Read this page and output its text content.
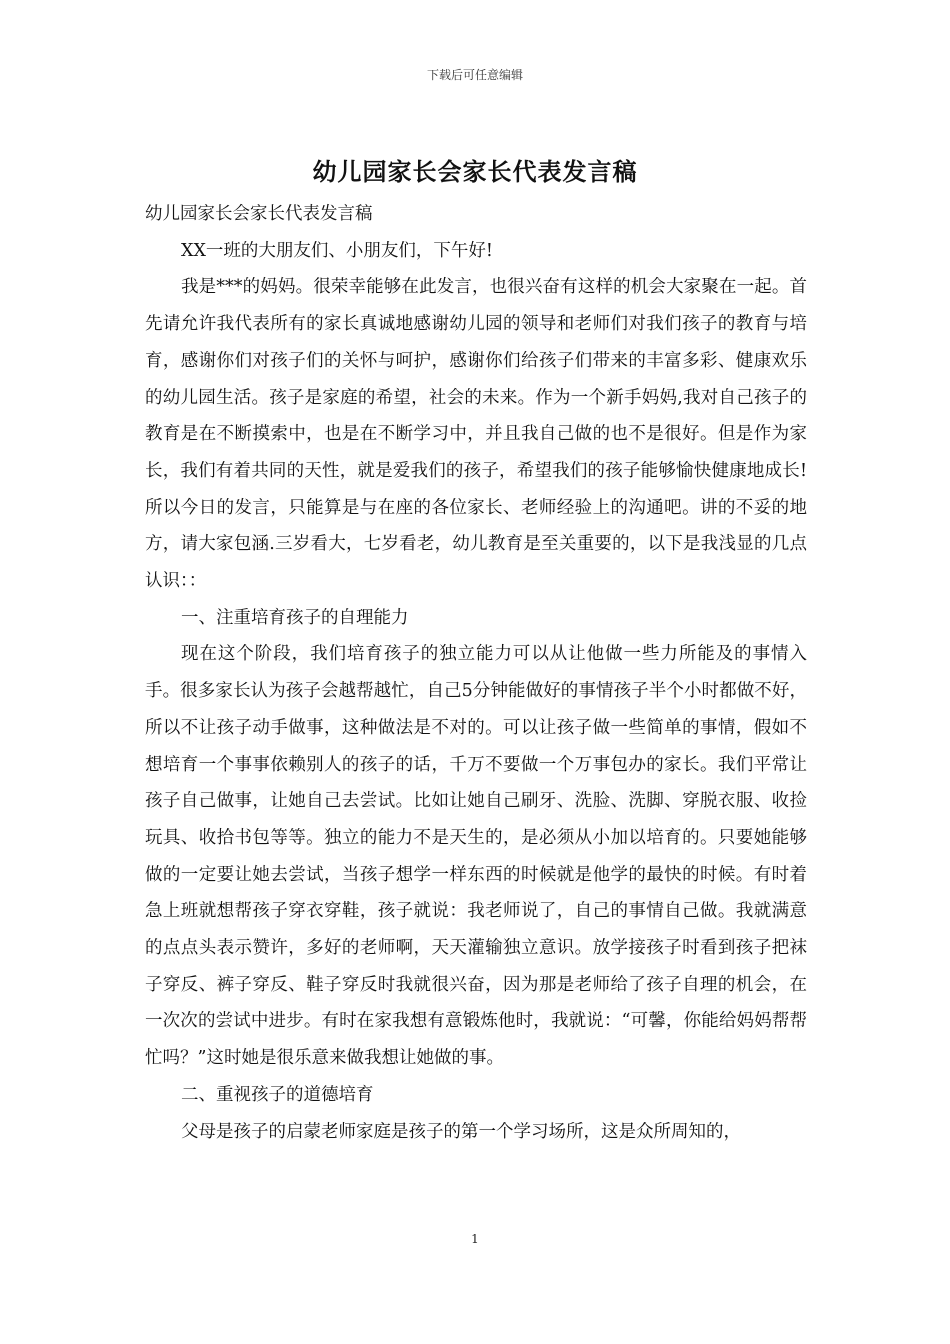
下载后可任意编辑
幼儿园家长会家长代表发言稿

幼儿园家长会家长代表发言稿

XX一班的大朋友们、小朋友们，下午好!

我是***的妈妈。很荣幸能够在此发言，也很兴奋有这样的机会大家聚在一起。首先请允许我代表所有的家长真诚地感谢幼儿园的领导和老师们对我们孩子的教育与培育，感谢你们对孩子们的关怀与呵护，感谢你们给孩子们带来的丰富多彩、健康欢乐的幼儿园生活。孩子是家庭的希望，社会的未来。作为一个新手妈妈,我对自己孩子的教育是在不断摸索中，也是在不断学习中，并且我自己做的也不是很好。但是作为家长，我们有着共同的天性，就是爱我们的孩子，希望我们的孩子能够愉快健康地成长!所以今日的发言，只能算是与在座的各位家长、老师经验上的沟通吧。讲的不妥的地方，请大家包涵.三岁看大，七岁看老，幼儿教育是至关重要的，以下是我浅显的几点认识：：

一、注重培育孩子的自理能力

现在这个阶段，我们培育孩子的独立能力可以从让他做一些力所能及的事情入手。很多家长认为孩子会越帮越忙，自己5分钟能做好的事情孩子半个小时都做不好，所以不让孩子动手做事，这种做法是不对的。可以让孩子做一些简单的事情，假如不想培育一个事事依赖别人的孩子的话，千万不要做一个万事包办的家长。我们平常让孩子自己做事，让她自己去尝试。比如让她自己刷牙、洗脸、洗脚、穿脱衣服、收捡玩具、收拾书包等等。独立的能力不是天生的，是必须从小加以培育的。只要她能够做的一定要让她去尝试，当孩子想学一样东西的时候就是他学的最快的时候。有时着急上班就想帮孩子穿衣穿鞋，孩子就说：我老师说了，自己的事情自己做。我就满意的点点头表示赞许，多好的老师啊，天天灌输独立意识。放学接孩子时看到孩子把袜子穿反、裤子穿反、鞋子穿反时我就很兴奋，因为那是老师给了孩子自理的机会，在一次次的尝试中进步。有时在家我想有意锻炼他时，我就说：“可馨，你能给妈妈帮帮忙吗？”这时她是很乐意来做我想让她做的事。

二、重视孩子的道德培育

父母是孩子的启蒙老师家庭是孩子的第一个学习场所，这是众所周知的，

1
